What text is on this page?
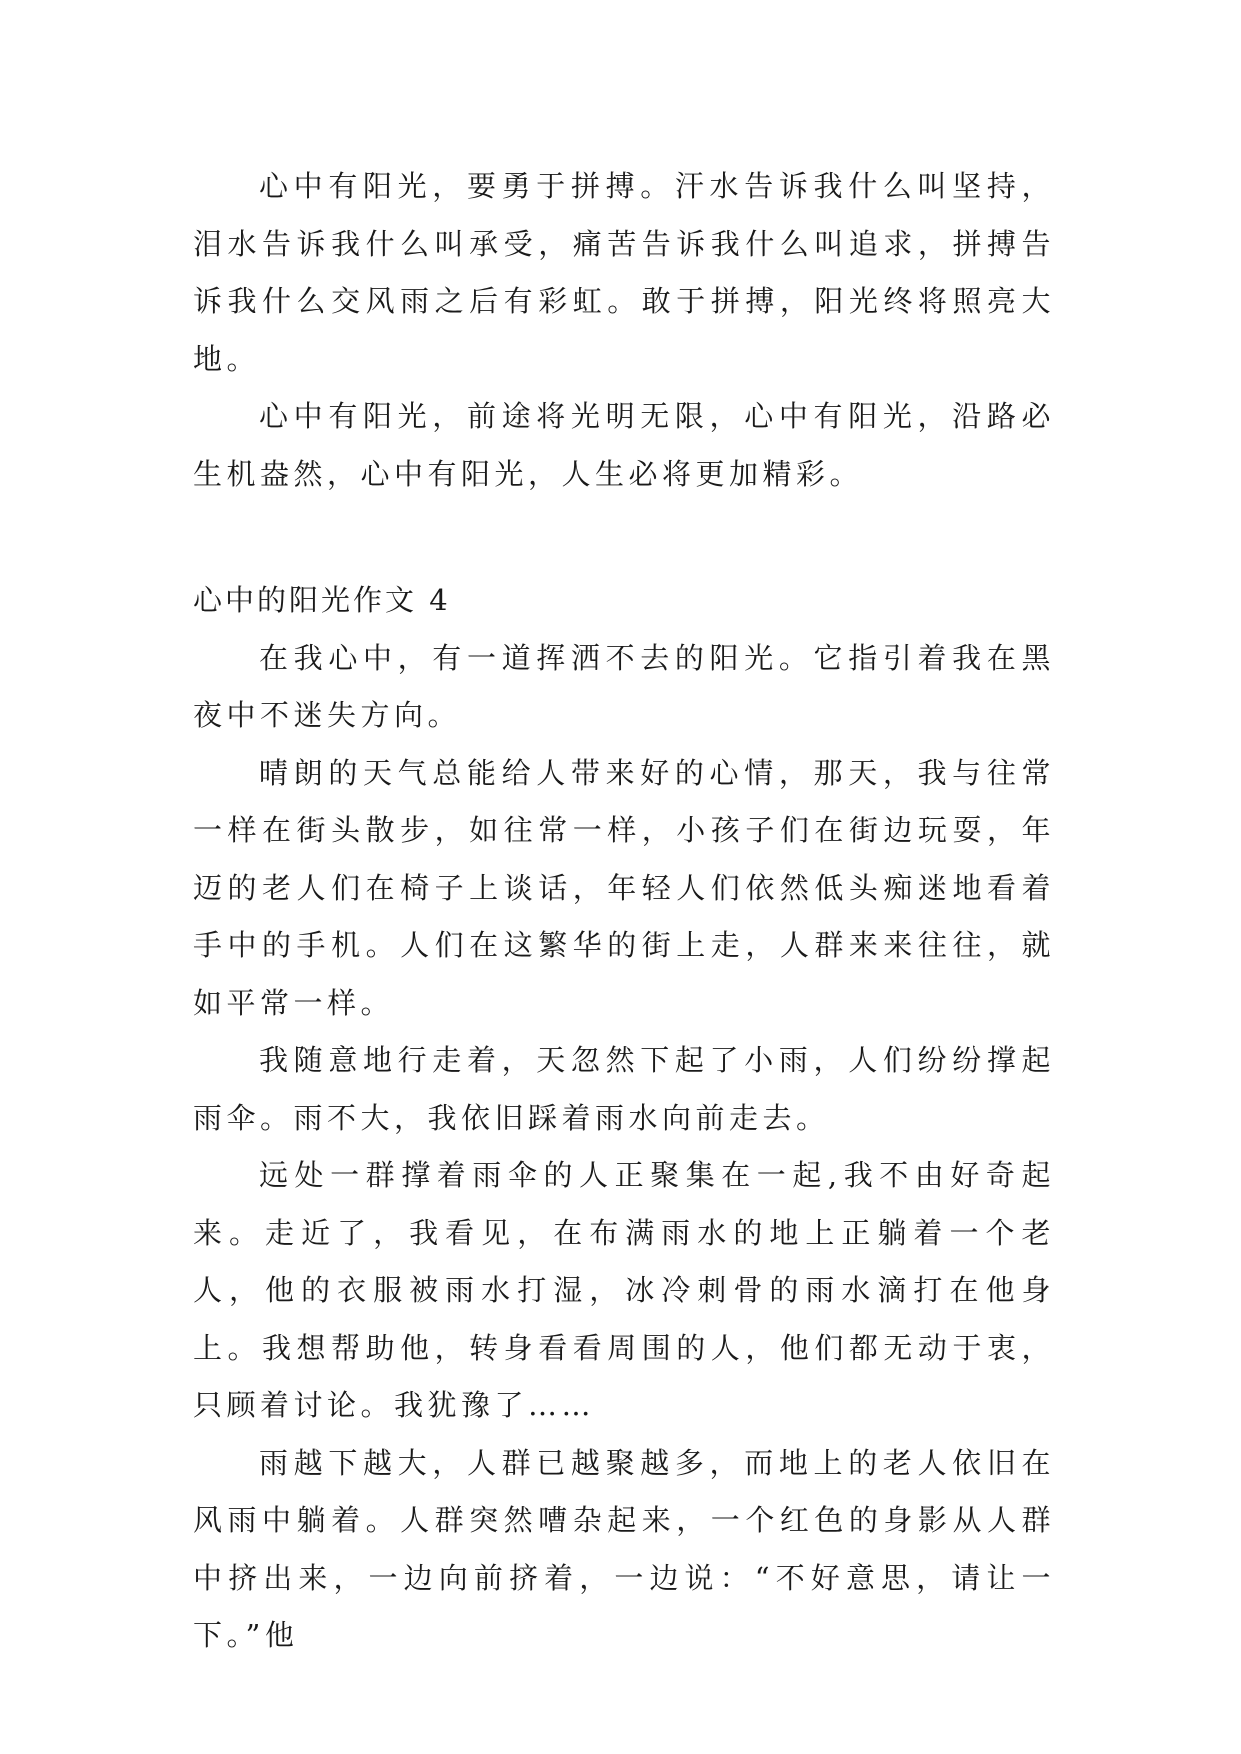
心中有阳光，要勇于拼搏。汗水告诉我什么叫坚持，泪水告诉我什么叫承受，痛苦告诉我什么叫追求，拼搏告诉我什么交风雨之后有彩虹。敢于拼搏，阳光终将照亮大地。

心中有阳光，前途将光明无限，心中有阳光，沿路必生机盎然，心中有阳光，人生必将更加精彩。

心中的阳光作文 4

在我心中，有一道挥洒不去的阳光。它指引着我在黑夜中不迷失方向。

晴朗的天气总能给人带来好的心情，那天，我与往常一样在街头散步，如往常一样，小孩子们在街边玩耍，年迈的老人们在椅子上谈话，年轻人们依然低头痴迷地看着手中的手机。人们在这繁华的街上走，人群来来往往，就如平常一样。

我随意地行走着，天忽然下起了小雨，人们纷纷撑起雨伞。雨不大，我依旧踩着雨水向前走去。

远处一群撑着雨伞的人正聚集在一起,我不由好奇起来。走近了，我看见，在布满雨水的地上正躺着一个老人，他的衣服被雨水打湿，冰冷刺骨的雨水滴打在他身上。我想帮助他，转身看看周围的人，他们都无动于衷，只顾着讨论。我犹豫了……

雨越下越大，人群已越聚越多，而地上的老人依旧在风雨中躺着。人群突然嘈杂起来，一个红色的身影从人群中挤出来，一边向前挤着，一边说：“不好意思，请让一下。”他
